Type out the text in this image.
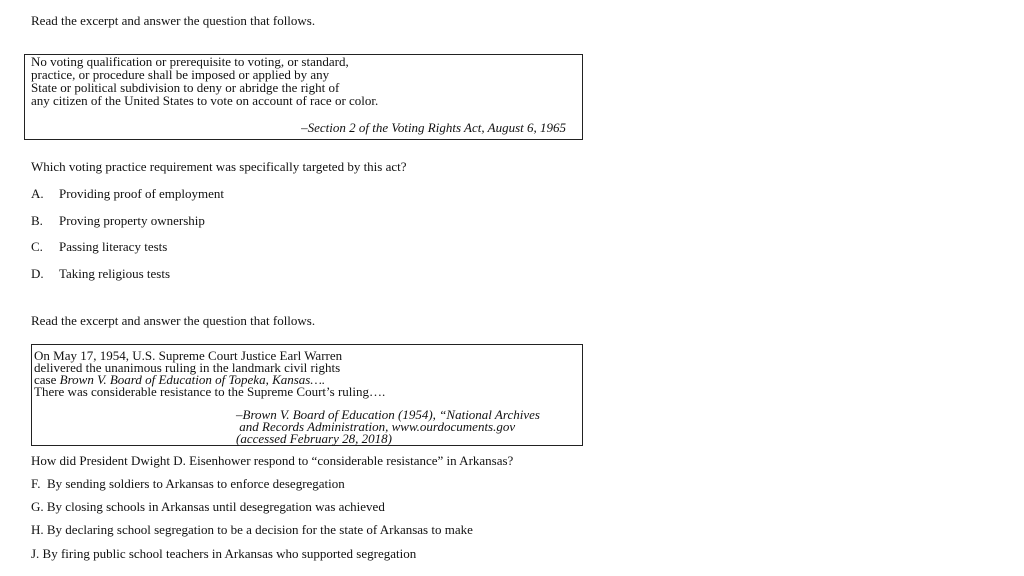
Read the excerpt and answer the question that follows.
No voting qualification or prerequisite to voting, or standard,
practice, or procedure shall be imposed or applied by any
State or political subdivision to deny or abridge the right of
any citizen of the United States to vote on account of race or color.
–Section 2 of the Voting Rights Act, August 6, 1965
Which voting practice requirement was specifically targeted by this act?
A. Providing proof of employment
B. Proving property ownership
C. Passing literacy tests
D. Taking religious tests
Read the excerpt and answer the question that follows.
On May 17, 1954, U.S. Supreme Court Justice Earl Warren
delivered the unanimous ruling in the landmark civil rights
case Brown V. Board of Education of Topeka, Kansas….
There was considerable resistance to the Supreme Court’s ruling….
–Brown V. Board of Education (1954), “National Archives
and Records Administration, www.ourdocuments.gov
(accessed February 28, 2018)
How did President Dwight D. Eisenhower respond to “considerable resistance” in Arkansas?
F.  By sending soldiers to Arkansas to enforce desegregation
G. By closing schools in Arkansas until desegregation was achieved
H. By declaring school segregation to be a decision for the state of Arkansas to make
J. By firing public school teachers in Arkansas who supported segregation
